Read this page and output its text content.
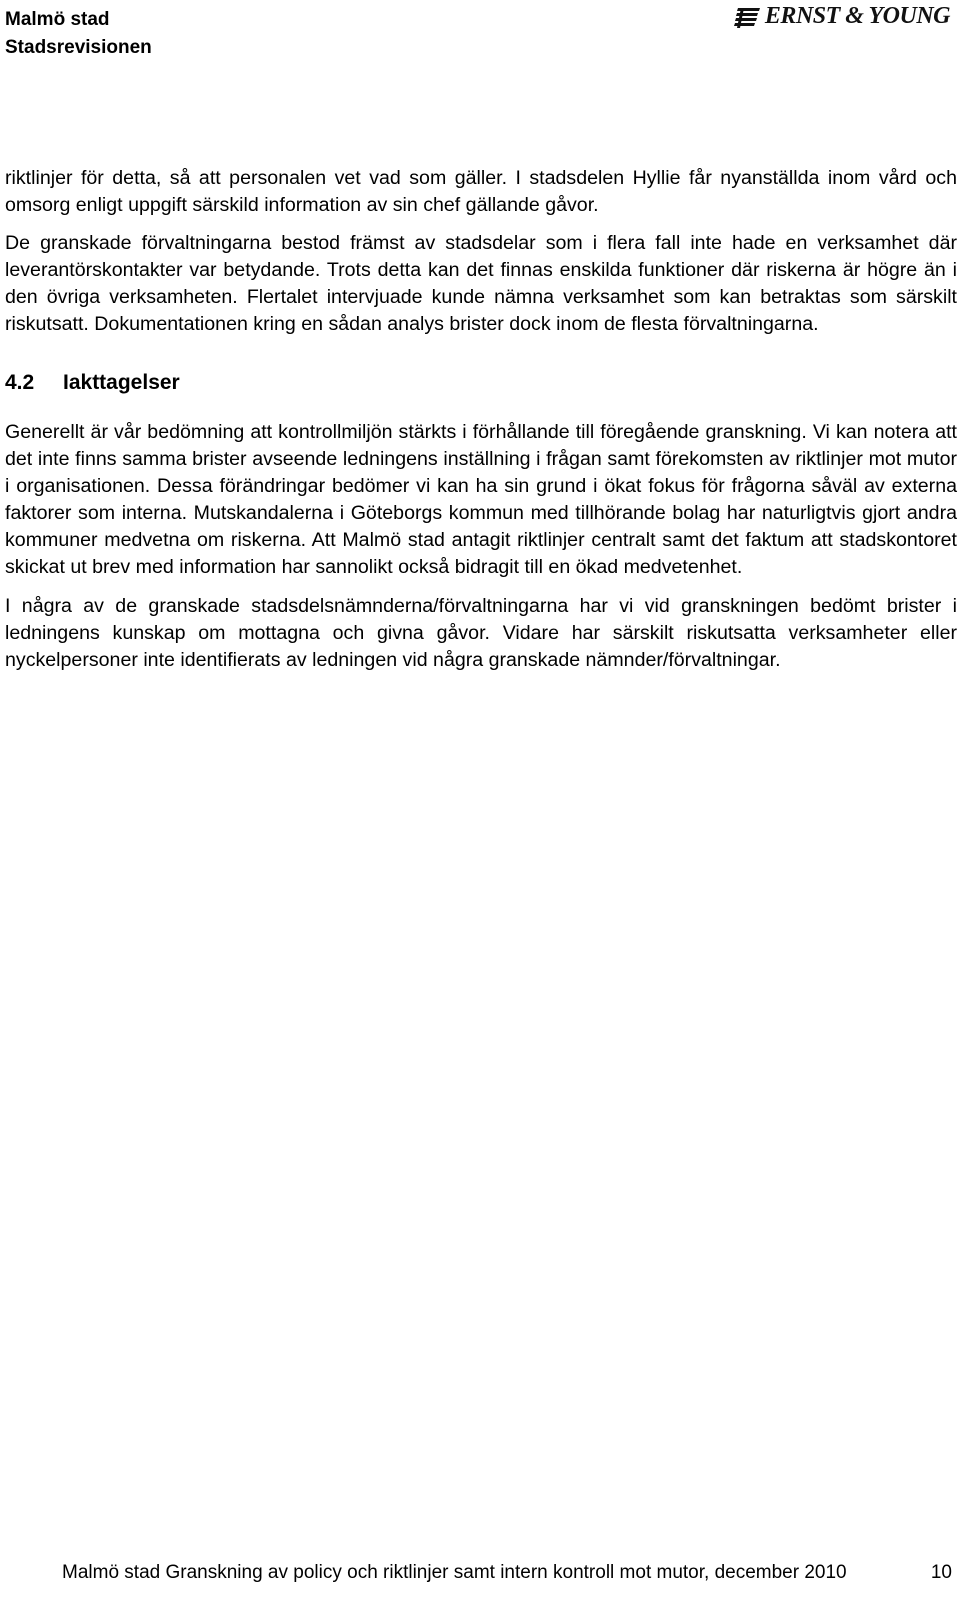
Malmö stad
Stadsrevisionen
ERNST & YOUNG

riktlinjer för detta, så att personalen vet vad som gäller. I stadsdelen Hyllie får nyanställda inom vård och omsorg enligt uppgift särskild information av sin chef gällande gåvor.

De granskade förvaltningarna bestod främst av stadsdelar som i flera fall inte hade en verksamhet där leverantörskontakter var betydande. Trots detta kan det finnas enskilda funktioner där riskerna är högre än i den övriga verksamheten. Flertalet intervjuade kunde nämna verksamhet som kan betraktas som särskilt riskutsatt. Dokumentationen kring en sådan analys brister dock inom de flesta förvaltningarna.

4.2	Iakttagelser

Generellt är vår bedömning att kontrollmiljön stärkts i förhållande till föregående granskning. Vi kan notera att det inte finns samma brister avseende ledningens inställning i frågan samt förekomsten av riktlinjer mot mutor i organisationen. Dessa förändringar bedömer vi kan ha sin grund i ökat fokus för frågorna såväl av externa faktorer som interna. Mutskandalerna i Göteborgs kommun med tillhörande bolag har naturligtvis gjort andra kommuner medvetna om riskerna. Att Malmö stad antagit riktlinjer centralt samt det faktum att stadskontoret skickat ut brev med information har sannolikt också bidragit till en ökad medvetenhet.

I några av de granskade stadsdelsnämnderna/förvaltningarna har vi vid granskningen bedömt brister i ledningens kunskap om mottagna och givna gåvor. Vidare har särskilt riskutsatta verksamheter eller nyckelpersoner inte identifierats av ledningen vid några granskade nämnder/förvaltningar.

Malmö stad Granskning av policy och riktlinjer samt intern kontroll mot mutor, december 2010	10
